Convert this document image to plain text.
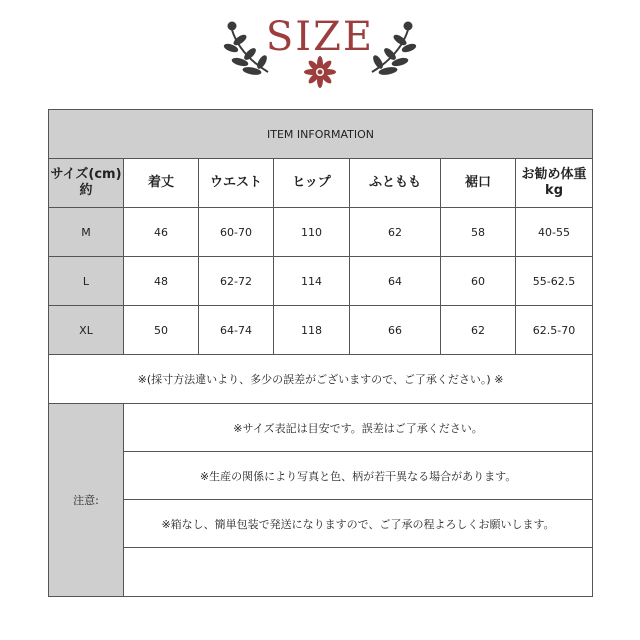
SIZE
ITEM INFORMATION						
サイズ(cm)約	着丈	ウエスト	ヒップ	ふともも	裾口	お勧め体重kg
M	46	60-70	110	62	58	40-55
L	48	62-72	114	64	60	55-62.5
XL	50	64-74	118	66	62	62.5-70
※(採寸方法違いより、多少の誤差がございますので、ご了承ください。) ※						
注意:	※サイズ表記は目安です。誤差はご了承ください。					
	※生産の関係により写真と色、柄が若干異なる場合があります。					
	※箱なし、簡単包装で発送になりますので、ご了承の程よろしくお願いします。					
